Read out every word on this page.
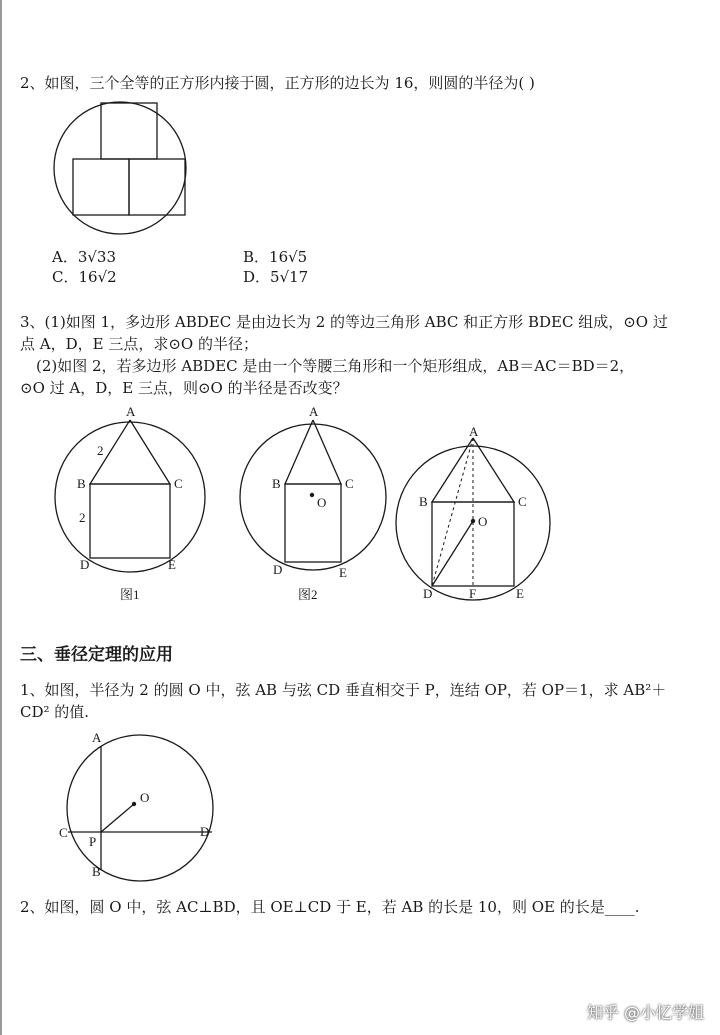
2、如图，三个全等的正方形内接于圆，正方形的边长为 16，则圆的半径为( )
A．3√33	B．16√5
C．16√2	D．5√17
3、(1)如图 1，多边形 ABDEC 是由边长为 2 的等边三角形 ABC 和正方形 BDEC 组成，⊙O 过
点 A，D，E 三点，求⊙O 的半径；
(2)如图 2，若多边形 ABDEC 是由一个等腰三角形和一个矩形组成，AB＝AC＝BD＝2，
⊙O 过 A，D，E 三点，则⊙O 的半径是否改变？
A
B	C
D	E
2
2
图1
A
B	C
D	E
O
图2
A
B	C
D	F	E
O
三、垂径定理的应用
1、如图，半径为 2 的圆 O 中，弦 AB 与弦 CD 垂直相交于 P，连结 OP，若 OP＝1，求 AB²＋
CD² 的值.
A
O
C
P
D
B
2、如图，圆 O 中，弦 AC⊥BD，且 OE⊥CD 于 E，若 AB 的长是 10，则 OE 的长是____.
知乎 @小忆学姐
